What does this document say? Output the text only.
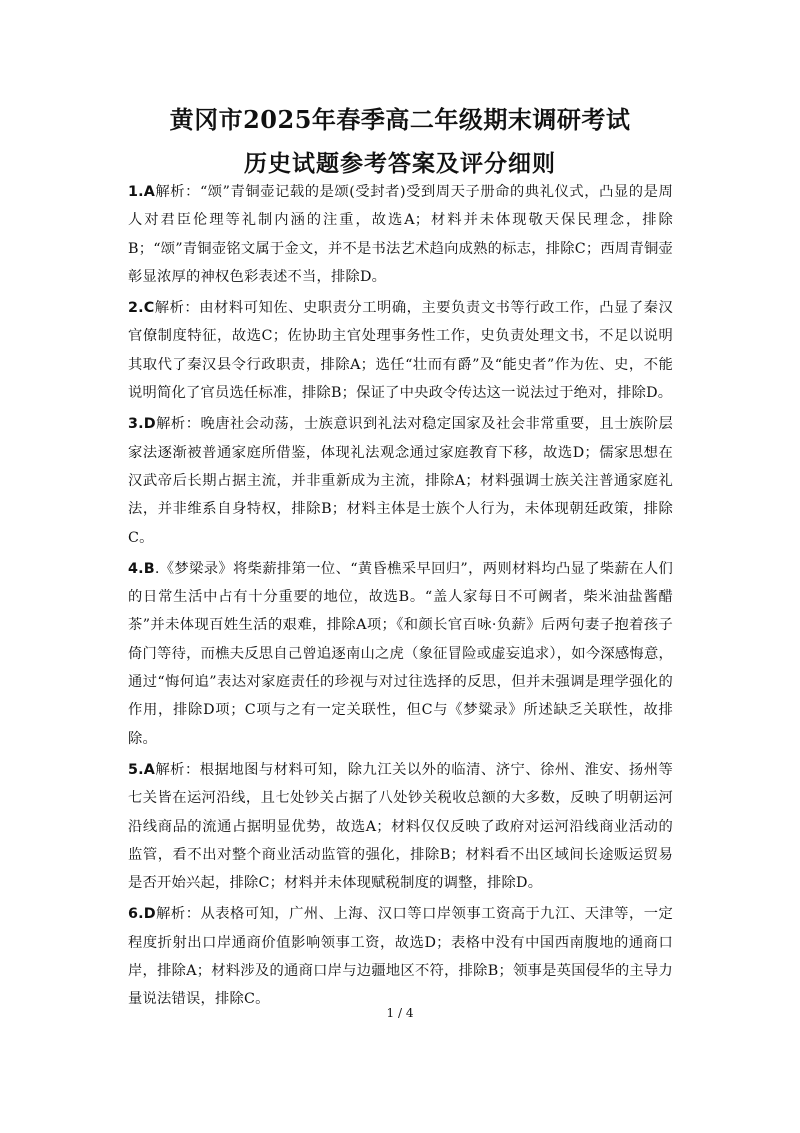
黄冈市2025年春季高二年级期末调研考试
历史试题参考答案及评分细则

1.A解析：“颂”青铜壶记载的是颂(受封者)受到周天子册命的典礼仪式，凸显的是周人对君臣伦理等礼制内涵的注重，故选A；材料并未体现敬天保民理念，排除B；“颂”青铜壶铭文属于金文，并不是书法艺术趋向成熟的标志，排除C；西周青铜壶彰显浓厚的神权色彩表述不当，排除D。

2.C解析：由材料可知佐、史职责分工明确，主要负责文书等行政工作，凸显了秦汉官僚制度特征，故选C；佐协助主官处理事务性工作，史负责处理文书，不足以说明其取代了秦汉县令行政职责，排除A；选任“壮而有爵”及“能史者”作为佐、史，不能说明简化了官员选任标准，排除B；保证了中央政令传达这一说法过于绝对，排除D。

3.D解析：晚唐社会动荡，士族意识到礼法对稳定国家及社会非常重要，且士族阶层家法逐渐被普通家庭所借鉴，体现礼法观念通过家庭教育下移，故选D；儒家思想在汉武帝后长期占据主流，并非重新成为主流，排除A；材料强调士族关注普通家庭礼法，并非维系自身特权，排除B；材料主体是士族个人行为，未体现朝廷政策，排除C。

4.B.《梦梁录》将柴薪排第一位、“黄昏樵采早回归”，两则材料均凸显了柴薪在人们的日常生活中占有十分重要的地位，故选B。“盖人家每日不可阙者，柴米油盐酱醋茶”并未体现百姓生活的艰难，排除A项；《和颜长官百咏·负薪》后两句妻子抱着孩子倚门等待，而樵夫反思自己曾追逐南山之虎（象征冒险或虚妄追求），如今深感悔意，通过“悔何追”表达对家庭责任的珍视与对过往选择的反思，但并未强调是理学强化的作用，排除D项；C项与之有一定关联性，但C与《梦粱录》所述缺乏关联性，故排除。

5.A解析：根据地图与材料可知，除九江关以外的临清、济宁、徐州、淮安、扬州等七关皆在运河沿线，且七处钞关占据了八处钞关税收总额的大多数，反映了明朝运河沿线商品的流通占据明显优势，故选A；材料仅仅反映了政府对运河沿线商业活动的监管，看不出对整个商业活动监管的强化，排除B；材料看不出区域间长途贩运贸易是否开始兴起，排除C；材料并未体现赋税制度的调整，排除D。

6.D解析：从表格可知，广州、上海、汉口等口岸领事工资高于九江、天津等，一定程度折射出口岸通商价值影响领事工资，故选D；表格中没有中国西南腹地的通商口岸，排除A；材料涉及的通商口岸与边疆地区不符，排除B；领事是英国侵华的主导力量说法错误，排除C。

1 / 4
